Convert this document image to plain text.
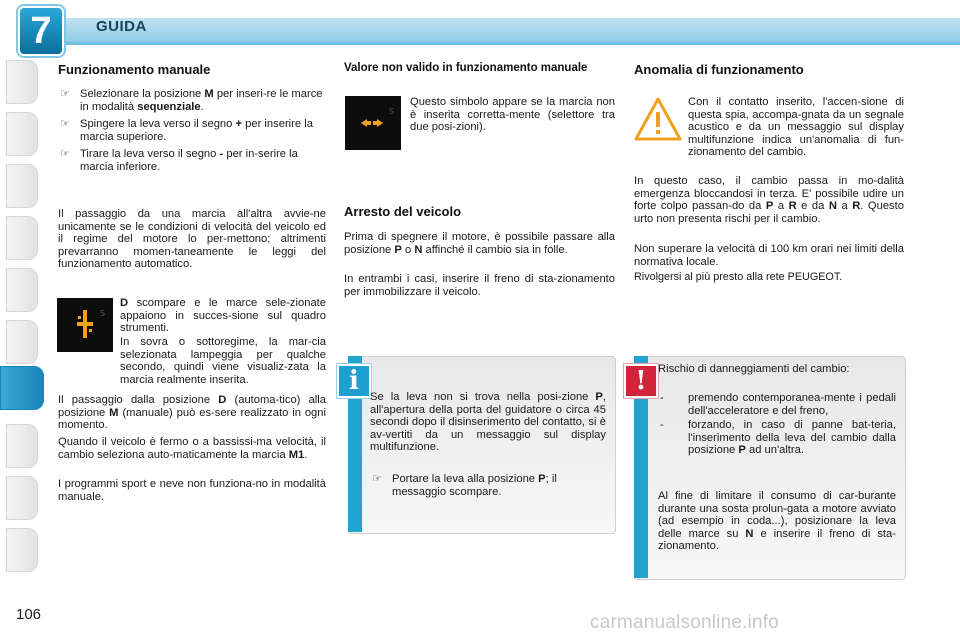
7	GUIDA
Funzionamento manuale
☞ Selezionare la posizione M per inseri-re le marce in modalità sequenziale.
☞ Spingere la leva verso il segno + per inserire la marcia superiore.
☞ Tirare la leva verso il segno - per in-serire la marcia inferiore.

Il passaggio da una marcia all'altra avvie-ne unicamente se le condizioni di velocità del veicolo ed il regime del motore lo per-mettono; altrimenti prevarranno momen-taneamente le leggi del funzionamento automatico.

S

D scompare e le marce sele-zionate appaiono in succes-sione sul quadro strumenti.

In sovra o sottoregime, la mar-cia selezionata lampeggia per qualche secondo, quindi viene visualiz-zata la marcia realmente inserita.

Il passaggio dalla posizione D (automa-tico) alla posizione M (manuale) può es-sere realizzato in ogni momento.

Quando il veicolo è fermo o a bassissi-ma velocità, il cambio seleziona auto-maticamente la marcia M1.

I programmi sport e neve non funziona-no in modalità manuale.

Valore non valido in funzionamento manuale
S

Questo simbolo appare se la marcia non è inserita corretta-mente (selettore tra due posi-zioni).

Arresto del veicolo

Prima di spegnere il motore, è possibile passare alla posizione P o N affinché il cambio sia in folle.

In entrambi i casi, inserire il freno di sta-zionamento per immobilizzare il veicolo.

i

Se la leva non si trova nella posi-zione P, all'apertura della porta del guidatore o circa 45 secondi dopo il disinserimento del contatto, si è av-vertiti da un messaggio sul display multifunzione.

☞ Portare la leva alla posizione P; il messaggio scompare.
Anomalia di funzionamento

Con il contatto inserito, l'accen-sione di questa spia, accompa-gnata da un segnale acustico e da un messaggio sul display multifunzione indica un'anomalia di fun-zionamento del cambio.

In questo caso, il cambio passa in mo-dalità emergenza bloccandosi in terza. E' possibile udire un forte colpo passan-do da P a R e da N a R. Questo urto non presenta rischi per il cambio.

Non superare la velocità di 100 km orari nei limiti della normativa locale.

Rivolgersi al più presto alla rete PEUGEOT.

!	Rischio di danneggiamenti del cambio:

- premendo contemporanea-mente i pedali dell'acceleratore e del freno,
- forzando, in caso di panne bat-teria, l'inserimento della leva del cambio dalla posizione P ad un'altra.

Al fine di limitare il consumo di car-burante durante una sosta prolun-gata a motore avviato (ad esempio in coda...), posizionare la leva delle marce su N e inserire il freno di sta-zionamento.

106	carmanualsonline.info
